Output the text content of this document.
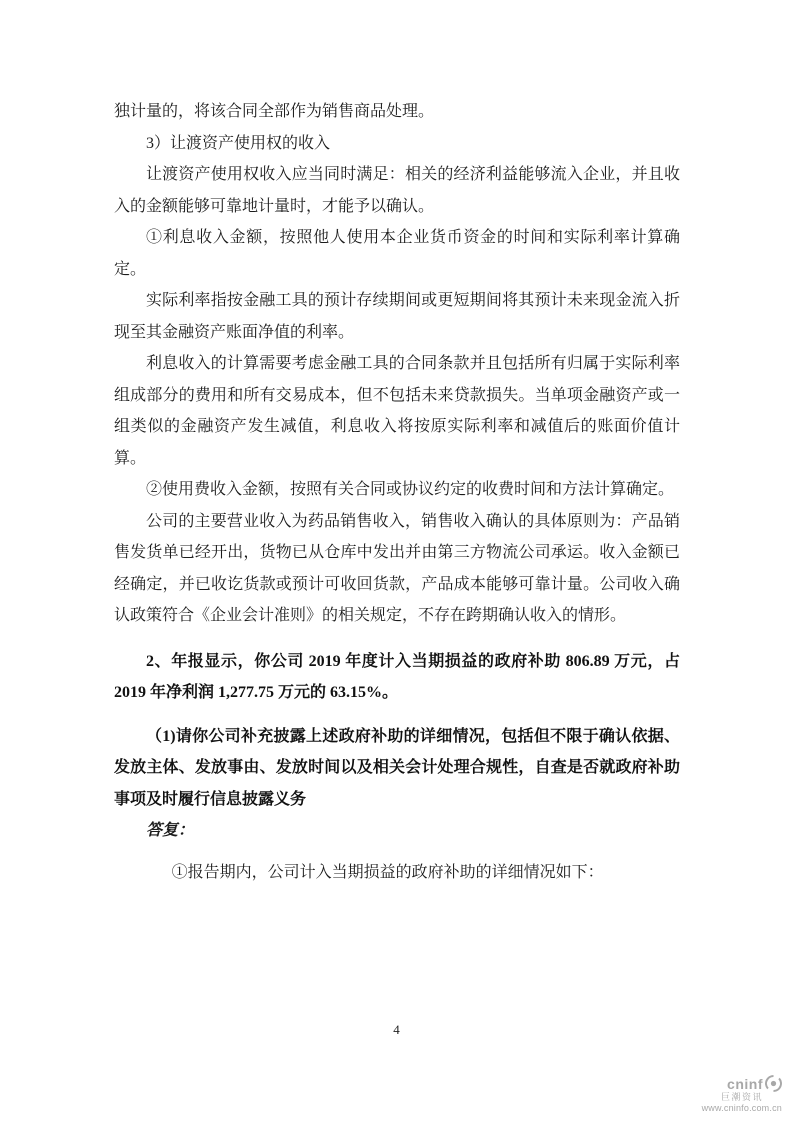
独计量的，将该合同全部作为销售商品处理。

3）让渡资产使用权的收入

让渡资产使用权收入应当同时满足：相关的经济利益能够流入企业，并且收入的金额能够可靠地计量时，才能予以确认。

①利息收入金额，按照他人使用本企业货币资金的时间和实际利率计算确定。

实际利率指按金融工具的预计存续期间或更短期间将其预计未来现金流入折现至其金融资产账面净值的利率。

利息收入的计算需要考虑金融工具的合同条款并且包括所有归属于实际利率组成部分的费用和所有交易成本，但不包括未来贷款损失。当单项金融资产或一组类似的金融资产发生减值，利息收入将按原实际利率和减值后的账面价值计算。

②使用费收入金额，按照有关合同或协议约定的收费时间和方法计算确定。

公司的主要营业收入为药品销售收入，销售收入确认的具体原则为：产品销售发货单已经开出，货物已从仓库中发出并由第三方物流公司承运。收入金额已经确定，并已收讫货款或预计可收回货款，产品成本能够可靠计量。公司收入确认政策符合《企业会计准则》的相关规定，不存在跨期确认收入的情形。

2、年报显示，你公司 2019 年度计入当期损益的政府补助 806.89 万元，占 2019 年净利润 1,277.75 万元的 63.15%。

（1)请你公司补充披露上述政府补助的详细情况，包括但不限于确认依据、发放主体、发放事由、发放时间以及相关会计处理合规性，自查是否就政府补助事项及时履行信息披露义务

答复：

①报告期内，公司计入当期损益的政府补助的详细情况如下：

4
cninf
巨潮资讯
www.cninfo.com.cn
